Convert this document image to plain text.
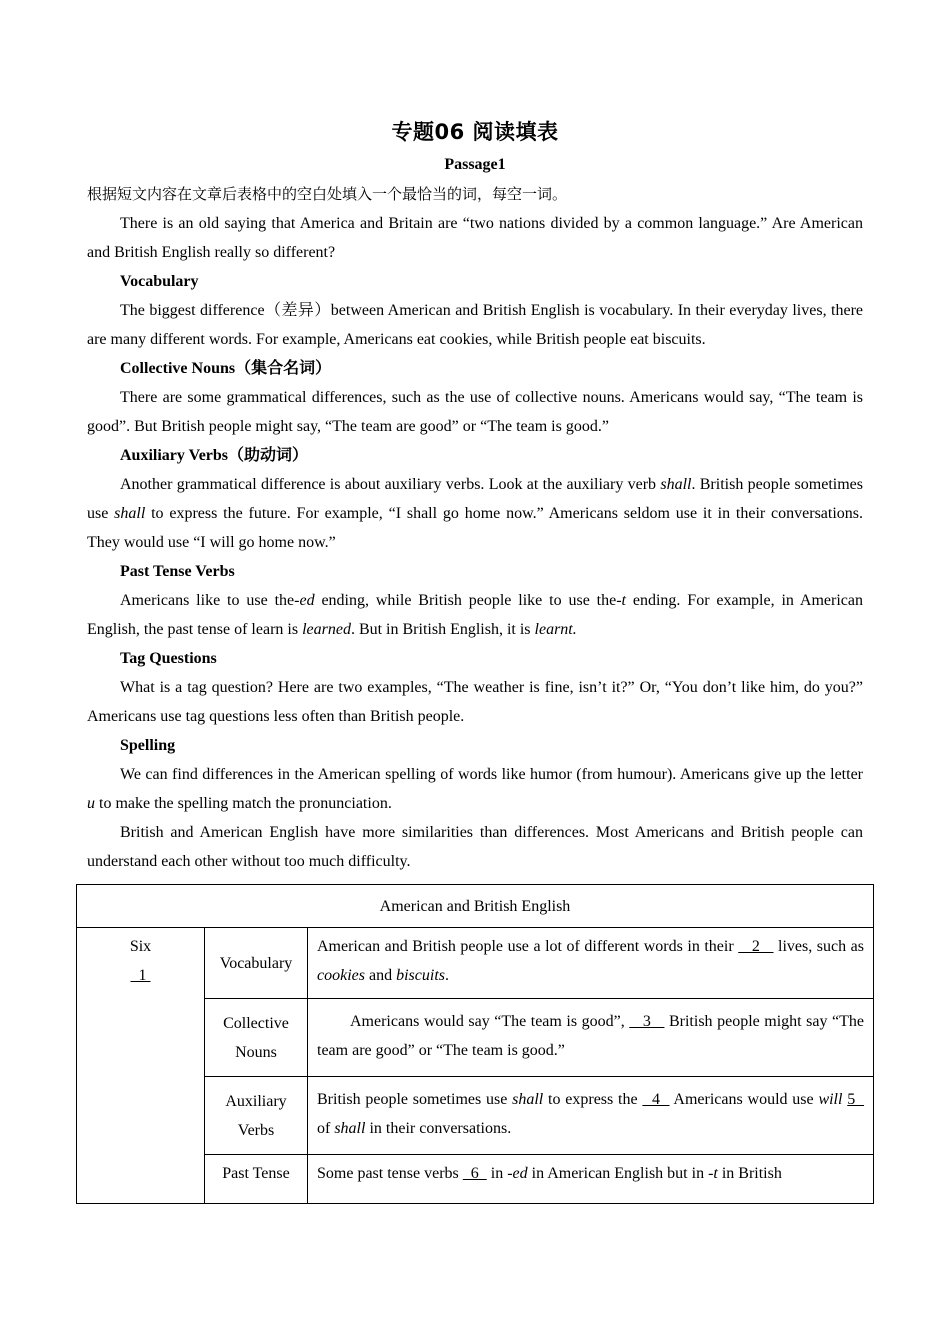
专题06 阅读填表
Passage1

根据短文内容在文章后表格中的空白处填入一个最恰当的词，每空一词。

There is an old saying that America and Britain are “two nations divided by a common language.” Are American and British English really so different?

Vocabulary

The biggest difference（差异）between American and British English is vocabulary. In their everyday lives, there are many different words. For example, Americans eat cookies, while British people eat biscuits.

Collective Nouns（集合名词）

There are some grammatical differences, such as the use of collective nouns. Americans would say, “The team is good”. But British people might say, “The team are good” or “The team is good.”

Auxiliary Verbs（助动词）

Another grammatical difference is about auxiliary verbs. Look at the auxiliary verb shall. British people sometimes use shall to express the future. For example, “I shall go home now.” Americans seldom use it in their conversations. They would use “I will go home now.”

Past Tense Verbs

Americans like to use the-ed ending, while British people like to use the-t ending. For example, in American English, the past tense of learn is learned. But in British English, it is learnt.

Tag Questions

What is a tag question? Here are two examples, “The weather is fine, isn’t it?” Or, “You don’t like him, do you?” Americans use tag questions less often than British people.

Spelling

We can find differences in the American spelling of words like humor (from humour). Americans give up the letter u to make the spelling match the pronunciation.

British and American English have more similarities than differences. Most Americans and British people can understand each other without too much difficulty.

American and British English		

Six
1	Vocabulary	American and British people use a lot of different words in their    2    lives, such as cookies and biscuits.

	Collective
Nouns	Americans would say “The team is good”,    3    British people might say “The team are good” or “The team is good.”

	Auxiliary
Verbs	British people sometimes use shall to express the   4   Americans would use will 5   of shall in their conversations.
	Past Tense	Some past tense verbs   6   in -ed in American English but in -t in British
